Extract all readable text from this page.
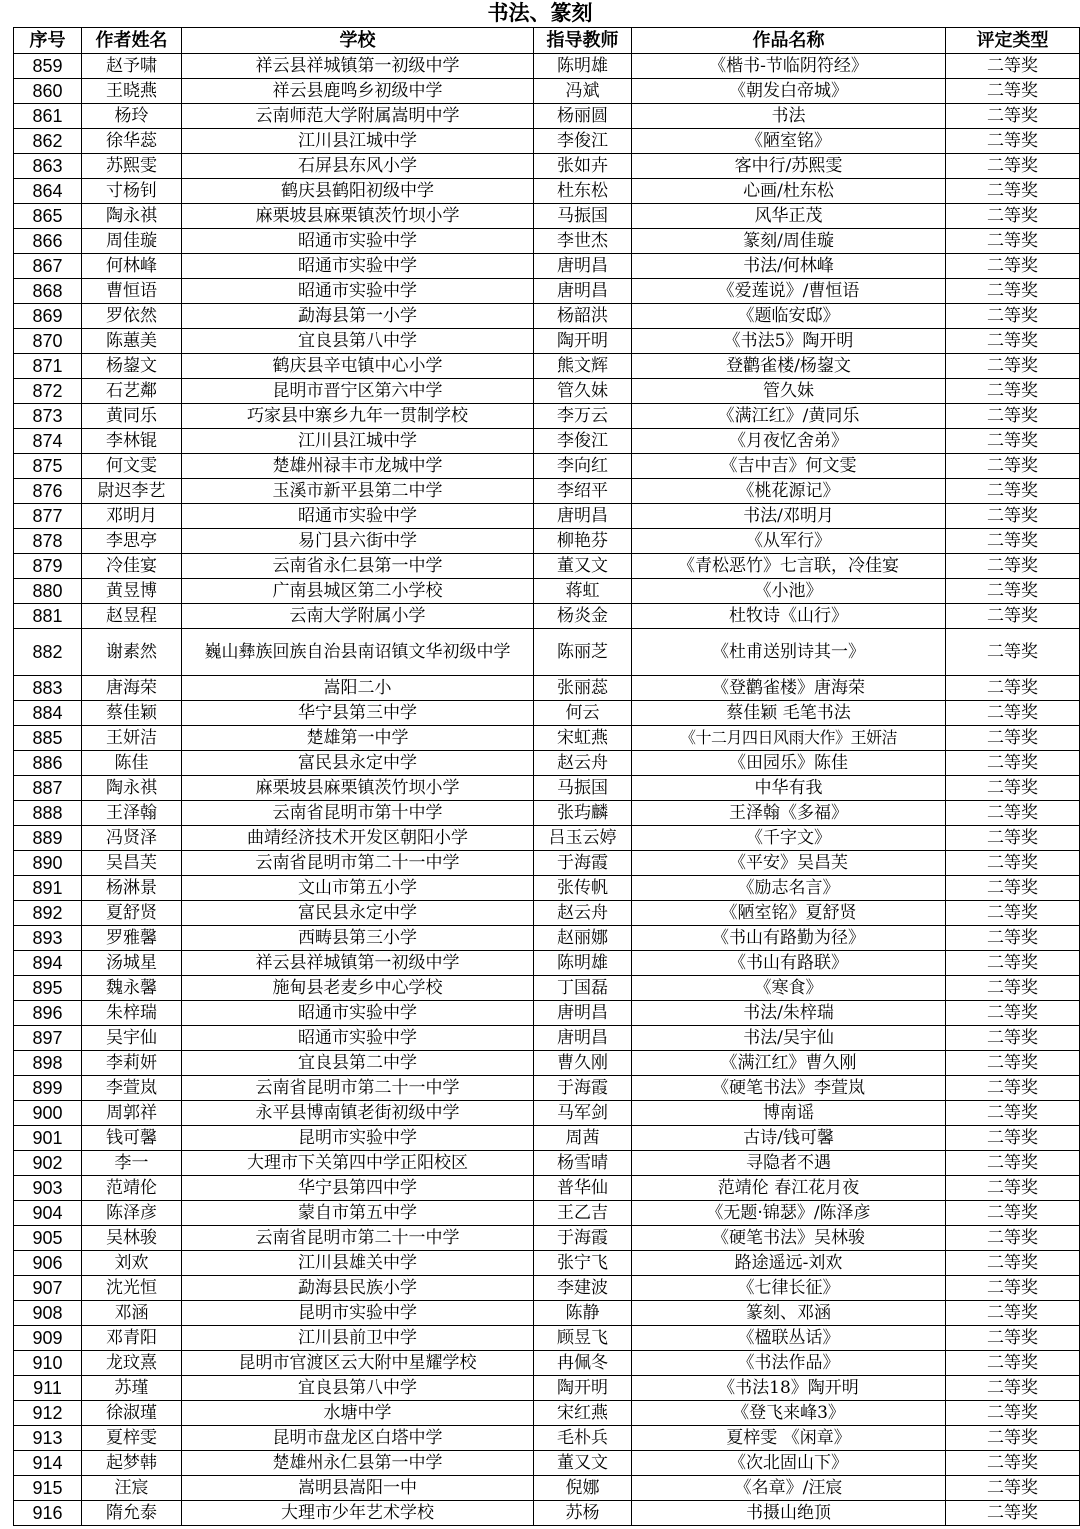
书法、篆刻
序号	作者姓名	学校	指导教师	作品名称	评定类型
859	赵予啸	祥云县祥城镇第一初级中学	陈明雄	《楷书-节临阴符经》	二等奖
860	王晓燕	祥云县鹿鸣乡初级中学	冯斌	《朝发白帝城》	二等奖
861	杨玲	云南师范大学附属嵩明中学	杨丽圆	书法	二等奖
862	徐华蕊	江川县江城中学	李俊江	《陋室铭》	二等奖
863	苏熙雯	石屏县东风小学	张如卉	客中行/苏熙雯	二等奖
864	寸杨钊	鹤庆县鹤阳初级中学	杜东松	心画/杜东松	二等奖
865	陶永祺	麻栗坡县麻栗镇茨竹坝小学	马振国	风华正茂	二等奖
866	周佳璇	昭通市实验中学	李世杰	篆刻/周佳璇	二等奖
867	何林峰	昭通市实验中学	唐明昌	书法/何林峰	二等奖
868	曹恒语	昭通市实验中学	唐明昌	《爱莲说》/曹恒语	二等奖
869	罗依然	勐海县第一小学	杨韶洪	《题临安邸》	二等奖
870	陈蕙美	宜良县第八中学	陶开明	《书法5》陶开明	二等奖
871	杨鋆文	鹤庆县辛屯镇中心小学	熊文辉	登鹳雀楼/杨鋆文	二等奖
872	石艺鄰	昆明市晋宁区第六中学	管久妹	管久妹	二等奖
873	黄同乐	巧家县中寨乡九年一贯制学校	李万云	《满江红》/黄同乐	二等奖
874	李林锟	江川县江城中学	李俊江	《月夜忆舍弟》	二等奖
875	何文雯	楚雄州禄丰市龙城中学	李向红	《吉中吉》何文雯	二等奖
876	尉迟李艺	玉溪市新平县第二中学	李绍平	《桃花源记》	二等奖
877	邓明月	昭通市实验中学	唐明昌	书法/邓明月	二等奖
878	李思亭	易门县六街中学	柳艳芬	《从军行》	二等奖
879	冷佳宴	云南省永仁县第一中学	董又文	《青松恶竹》七言联，冷佳宴	二等奖
880	黄昱博	广南县城区第二小学校	蒋虹	《小池》	二等奖
881	赵昱程	云南大学附属小学	杨炎金	杜牧诗《山行》	二等奖
882	谢素然	巍山彝族回族自治县南诏镇文华初级中学	陈丽芝	《杜甫送别诗其一》	二等奖
883	唐海荣	嵩阳二小	张丽蕊	《登鹳雀楼》唐海荣	二等奖
884	蔡佳颖	华宁县第三中学	何云	蔡佳颖 毛笔书法	二等奖
885	王妍洁	楚雄第一中学	宋虹燕	《十二月四日风雨大作》王妍洁	二等奖
886	陈佳	富民县永定中学	赵云舟	《田园乐》陈佳	二等奖
887	陶永祺	麻栗坡县麻栗镇茨竹坝小学	马振国	中华有我	二等奖
888	王泽翰	云南省昆明市第十中学	张玙麟	王泽翰《多福》	二等奖
889	冯贤泽	曲靖经济技术开发区朝阳小学	吕玉云婷	《千字文》	二等奖
890	吴昌芙	云南省昆明市第二十一中学	于海霞	《平安》吴昌芙	二等奖
891	杨淋景	文山市第五小学	张传帆	《励志名言》	二等奖
892	夏舒贤	富民县永定中学	赵云舟	《陋室铭》夏舒贤	二等奖
893	罗雅馨	西畴县第三小学	赵丽娜	《书山有路勤为径》	二等奖
894	汤城星	祥云县祥城镇第一初级中学	陈明雄	《书山有路联》	二等奖
895	魏永馨	施甸县老麦乡中心学校	丁国磊	《寒食》	二等奖
896	朱梓瑞	昭通市实验中学	唐明昌	书法/朱梓瑞	二等奖
897	吴宇仙	昭通市实验中学	唐明昌	书法/吴宇仙	二等奖
898	李莉妍	宜良县第二中学	曹久刚	《满江红》曹久刚	二等奖
899	李萱岚	云南省昆明市第二十一中学	于海霞	《硬笔书法》李萱岚	二等奖
900	周郭祥	永平县博南镇老街初级中学	马军剑	博南谣	二等奖
901	钱可馨	昆明市实验中学	周茜	古诗/钱可馨	二等奖
902	李一	大理市下关第四中学正阳校区	杨雪晴	寻隐者不遇	二等奖
903	范靖伦	华宁县第四中学	普华仙	范靖伦 春江花月夜	二等奖
904	陈泽彦	蒙自市第五中学	王乙吉	《无题·锦瑟》/陈泽彦	二等奖
905	吴林骏	云南省昆明市第二十一中学	于海霞	《硬笔书法》吴林骏	二等奖
906	刘欢	江川县雄关中学	张宁飞	路途遥远-刘欢	二等奖
907	沈光恒	勐海县民族小学	李建波	《七律长征》	二等奖
908	邓涵	昆明市实验中学	陈静	篆刻、邓涵	二等奖
909	邓青阳	江川县前卫中学	顾昱飞	《楹联丛话》	二等奖
910	龙玟熹	昆明市官渡区云大附中星耀学校	冉佩冬	《书法作品》	二等奖
911	苏瑾	宜良县第八中学	陶开明	《书法18》陶开明	二等奖
912	徐淑瑾	水塘中学	宋红燕	《登飞来峰3》	二等奖
913	夏梓雯	昆明市盘龙区白塔中学	毛朴兵	夏梓雯 《闲章》	二等奖
914	起梦韩	楚雄州永仁县第一中学	董又文	《次北固山下》	二等奖
915	汪宸	嵩明县嵩阳一中	倪娜	《名章》/汪宸	二等奖
916	隋允泰	大理市少年艺术学校	苏杨	书摄山绝顶	二等奖
